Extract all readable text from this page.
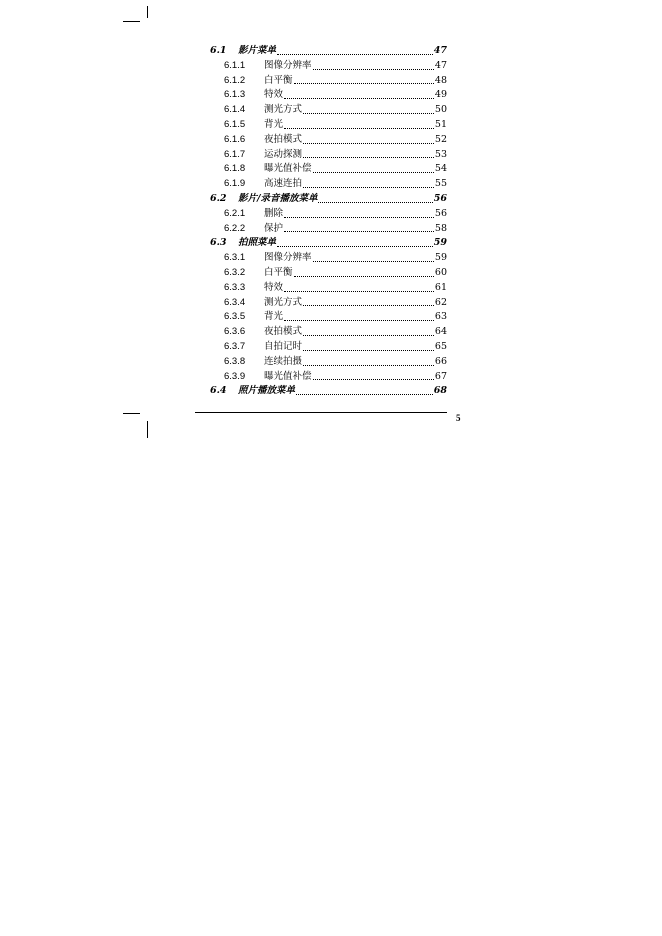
6.1	影片菜单	47
6.1.1	图像分辨率	47
6.1.2	白平衡	48
6.1.3	特效	49
6.1.4	测光方式	50
6.1.5	背光	51
6.1.6	夜拍模式	52
6.1.7	运动探测	53
6.1.8	曝光值补偿	54
6.1.9	高速连拍	55
6.2	影片/录音播放菜单	56
6.2.1	删除	56
6.2.2	保护	58
6.3	拍照菜单	59
6.3.1	图像分辨率	59
6.3.2	白平衡	60
6.3.3	特效	61
6.3.4	测光方式	62
6.3.5	背光	63
6.3.6	夜拍模式	64
6.3.7	自拍记时	65
6.3.8	连续拍摄	66
6.3.9	曝光值补偿	67
6.4	照片播放菜单	68
5
